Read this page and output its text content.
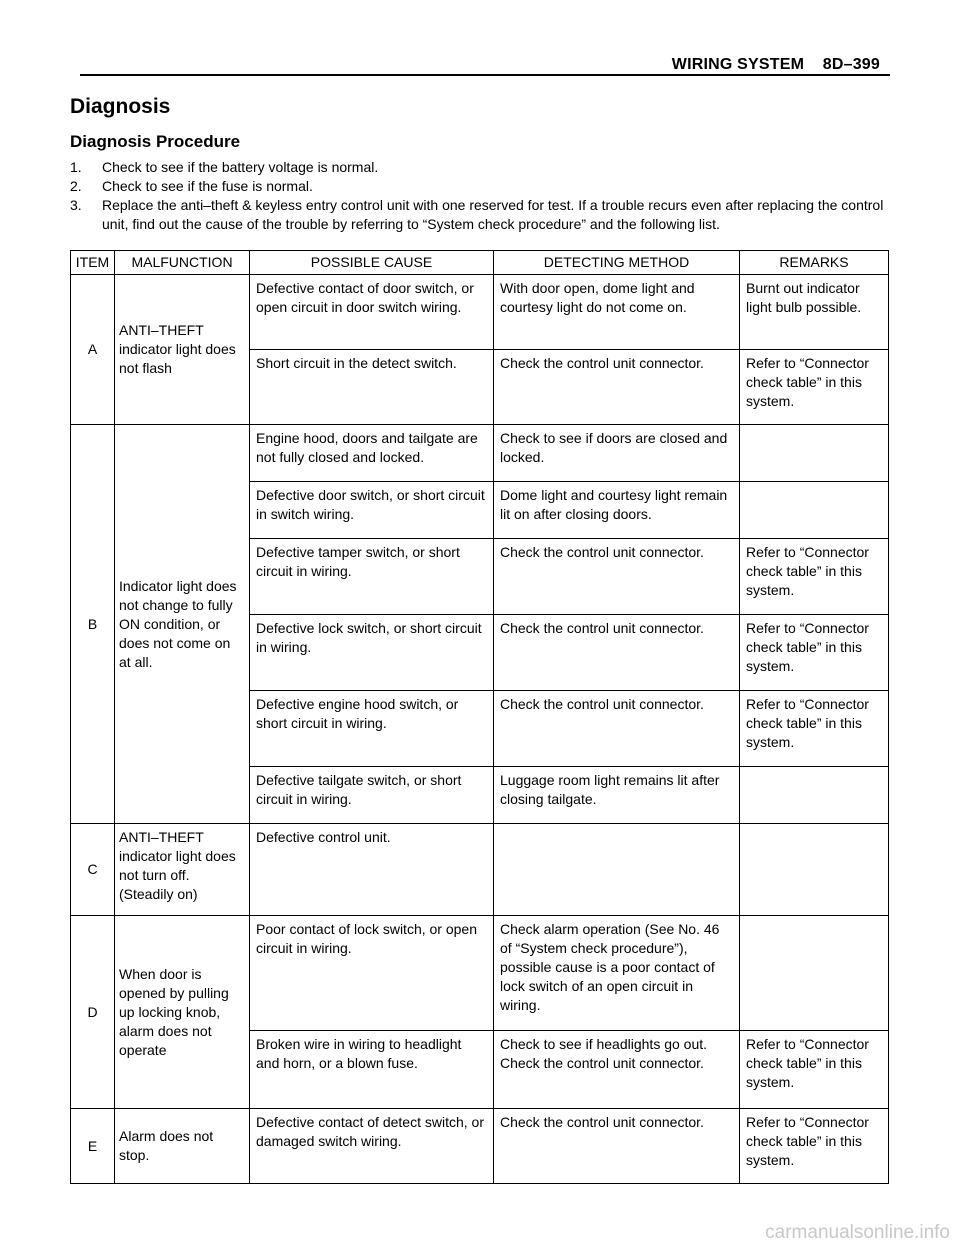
WIRING SYSTEM    8D–399
Diagnosis
Diagnosis Procedure
1.	Check to see if the battery voltage is normal.
2.	Check to see if the fuse is normal.
3.	Replace the anti–theft & keyless entry control unit with one reserved for test. If a trouble recurs even after replacing the control unit, find out the cause of the trouble by referring to “System check procedure” and the following list.
ITEM	MALFUNCTION	POSSIBLE CAUSE	DETECTING METHOD	REMARKS
A	ANTI–THEFT indicator light does not flash	Defective contact of door switch, or open circuit in door switch wiring.	With door open, dome light and courtesy light do not come on.	Burnt out indicator light bulb possible.
		Short circuit in the detect switch.	Check the control unit connector.	Refer to “Connector check table” in this system.
B	Indicator light does not change to fully ON condition, or does not come on at all.	Engine hood, doors and tailgate are not fully closed and locked.	Check to see if doors are closed and locked.	
		Defective door switch, or short circuit in switch wiring.	Dome light and courtesy light remain lit on after closing doors.	
		Defective tamper switch, or short circuit in wiring.	Check the control unit connector.	Refer to “Connector check table” in this system.
		Defective lock switch, or short circuit in wiring.	Check the control unit connector.	Refer to “Connector check table” in this system.
		Defective engine hood switch, or short circuit in wiring.	Check the control unit connector.	Refer to “Connector check table” in this system.
		Defective tailgate switch, or short circuit in wiring.	Luggage room light remains lit after closing tailgate.	
C	ANTI–THEFT indicator light does not turn off. (Steadily on)	Defective control unit.		
D	When door is opened by pulling up locking knob, alarm does not operate	Poor contact of lock switch, or open circuit in wiring.	Check alarm operation (See No. 46 of “System check procedure”), possible cause is a poor contact of lock switch of an open circuit in wiring.	
		Broken wire in wiring to headlight and horn, or a blown fuse.	Check to see if headlights go out. Check the control unit connector.	Refer to “Connector check table” in this system.
E	Alarm does not stop.	Defective contact of detect switch, or damaged switch wiring.	Check the control unit connector.	Refer to “Connector check table” in this system.
carmanualsonline.info
